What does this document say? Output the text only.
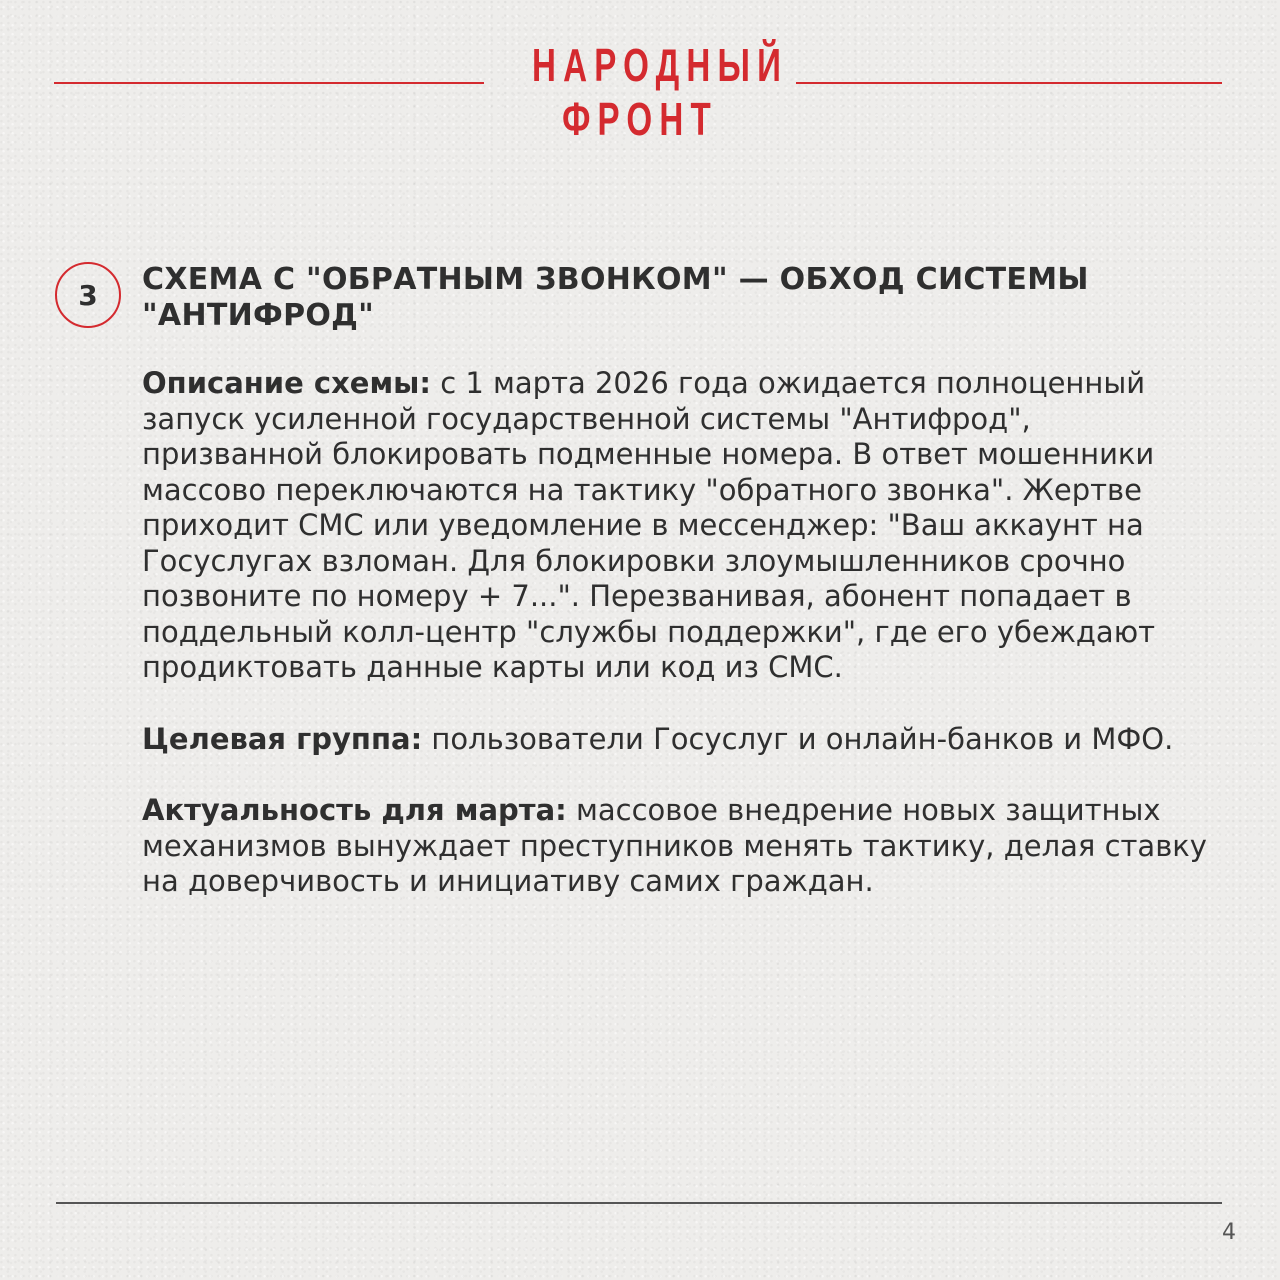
НАРОДНЫЙ
ФРОНТ
3	СХЕМА С "ОБРАТНЫМ ЗВОНКОМ" — ОБХОД СИСТЕМЫ "АНТИФРОД"

Описание схемы: с 1 марта 2026 года ожидается полноценный запуск усиленной государственной системы "Антифрод", призванной блокировать подменные номера. В ответ мошенники массово переключаются на тактику "обратного звонка". Жертве приходит СМС или уведомление в мессенджер: "Ваш аккаунт на Госуслугах взломан. Для блокировки злоумышленников срочно позвоните по номеру + 7...". Перезванивая, абонент попадает в поддельный колл-центр "службы поддержки", где его убеждают продиктовать данные карты или код из СМС.

Целевая группа: пользователи Госуслуг и онлайн-банков и МФО.

Актуальность для марта: массовое внедрение новых защитных механизмов вынуждает преступников менять тактику, делая ставку на доверчивость и инициативу самих граждан.

4
